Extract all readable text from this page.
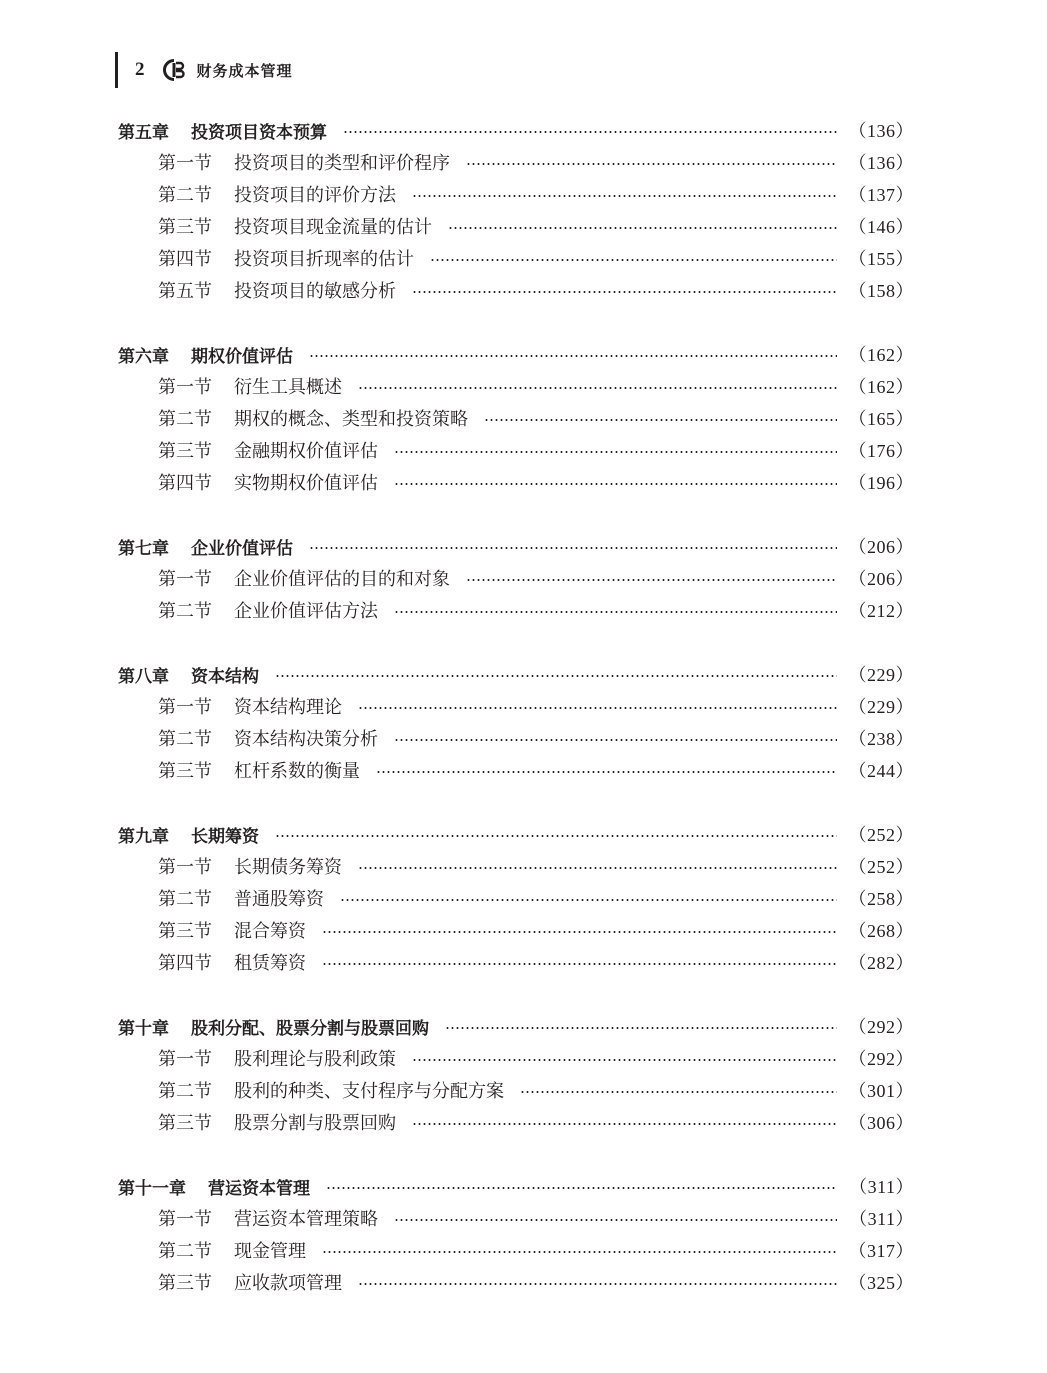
2	财务成本管理
第五章 投资项目资本预算	（136）
第一节 投资项目的类型和评价程序	（136）
第二节 投资项目的评价方法	（137）
第三节 投资项目现金流量的估计	（146）
第四节 投资项目折现率的估计	（155）
第五节 投资项目的敏感分析	（158）
第六章 期权价值评估	（162）
第一节 衍生工具概述	（162）
第二节 期权的概念、类型和投资策略	（165）
第三节 金融期权价值评估	（176）
第四节 实物期权价值评估	（196）
第七章 企业价值评估	（206）
第一节 企业价值评估的目的和对象	（206）
第二节 企业价值评估方法	（212）
第八章 资本结构	（229）
第一节 资本结构理论	（229）
第二节 资本结构决策分析	（238）
第三节 杠杆系数的衡量	（244）
第九章 长期筹资	（252）
第一节 长期债务筹资	（252）
第二节 普通股筹资	（258）
第三节 混合筹资	（268）
第四节 租赁筹资	（282）
第十章 股利分配、股票分割与股票回购	（292）
第一节 股利理论与股利政策	（292）
第二节 股利的种类、支付程序与分配方案	（301）
第三节 股票分割与股票回购	（306）
第十一章 营运资本管理	（311）
第一节 营运资本管理策略	（311）
第二节 现金管理	（317）
第三节 应收款项管理	（325）
